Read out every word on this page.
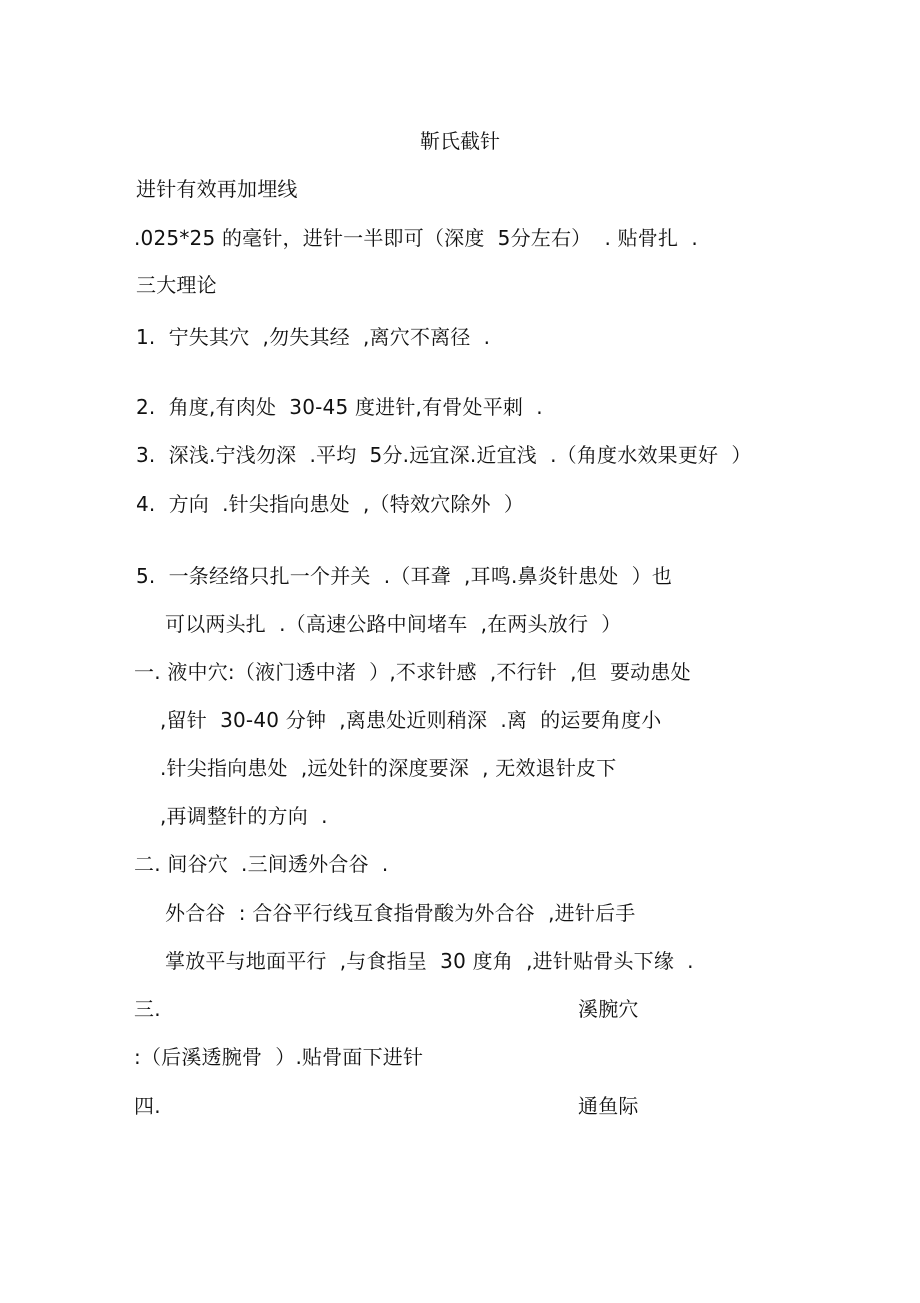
靳氏截针
进针有效再加埋线
.025*25 的毫针，进针一半即可（深度  5分左右）  . 贴骨扎  .
三大理论
1.  宁失其穴  ,勿失其经  ,离穴不离径  .
2.  角度,有肉处  30-45 度进针,有骨处平刺  .
3.  深浅.宁浅勿深  .平均  5分.远宜深.近宜浅  .（角度水效果更好  ）
4.  方向  .针尖指向患处  ,（特效穴除外  ）
5.  一条经络只扎一个并关  .（耳聋  ,耳鸣.鼻炎针患处  ）也
可以两头扎  .（高速公路中间堵车  ,在两头放行  ）
一. 液中穴:（液门透中渚  ）,不求针感  ,不行针  ,但  要动患处
,留针  30-40 分钟  ,离患处近则稍深  .离  的运要角度小
.针尖指向患处  ,远处针的深度要深  , 无效退针皮下
,再调整针的方向  .
二. 间谷穴  .三间透外合谷  .
外合谷  : 合谷平行线互食指骨酸为外合谷  ,进针后手
掌放平与地面平行  ,与食指呈  30 度角  ,进针贴骨头下缘  .
三.	溪腕穴
:（后溪透腕骨  ）.贴骨面下进针
四.	通鱼际
